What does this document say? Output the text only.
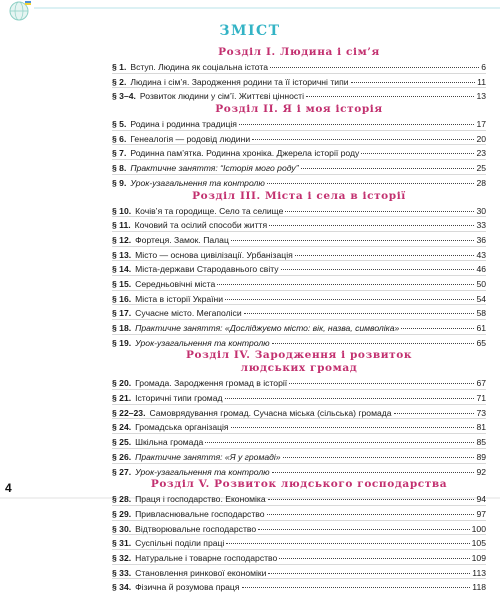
ЗМІСТ
Розділ I. Людина і сім’я
§ 1. Вступ. Людина як соціальна істота	6
§ 2. Людина і сім’я. Зародження родини та її історичні типи	11
§ 3–4. Розвиток людини у сім’ї. Життєві цінності	13
Розділ II. Я і моя історія
§ 5. Родина і родинна традиція	17
§ 6. Генеалогія — родовід людини	20
§ 7. Родинна пам’ятка. Родинна хроніка. Джерела історії роду	23
§ 8. Практичне заняття: “Історія мого роду”	25
§ 9. Урок-узагальнення та контролю	28
Розділ III. Міста і села в історії
§ 10. Кочів’я та городище. Село та селище	30
§ 11. Кочовий та осілий способи життя	33
§ 12. Фортеця. Замок. Палац	36
§ 13. Місто — основа цивілізації. Урбанізація	43
§ 14. Міста-держави Стародавнього світу	46
§ 15. Середньовічні міста	50
§ 16. Міста в історії України	54
§ 17. Сучасне місто. Мегаполіси	58
§ 18. Практичне заняття: «Досліджуємо місто: вік, назва, символіка»	61
§ 19. Урок-узагальнення та контролю	65
Розділ IV. Зародження і розвиток
людських громад
§ 20. Громада. Зародження громад в історії	67
§ 21. Історичні типи громад	71
§ 22–23. Самоврядування громад. Сучасна міська (сільська) громада	73
§ 24. Громадська організація	81
§ 25. Шкільна громада	85
§ 26. Практичне заняття: «Я у громаді»	89
§ 27. Урок-узагальнення та контролю	92
Розділ V. Розвиток людського господарства
§ 28. Праця і господарство. Економіка	94
§ 29. Привласнювальне господарство	97
§ 30. Відтворювальне господарство	100
§ 31. Суспільні поділи праці	105
§ 32. Натуральне і товарне господарство	109
§ 33. Становлення ринкової економіки	113
§ 34. Фізична й розумова праця	118
4
